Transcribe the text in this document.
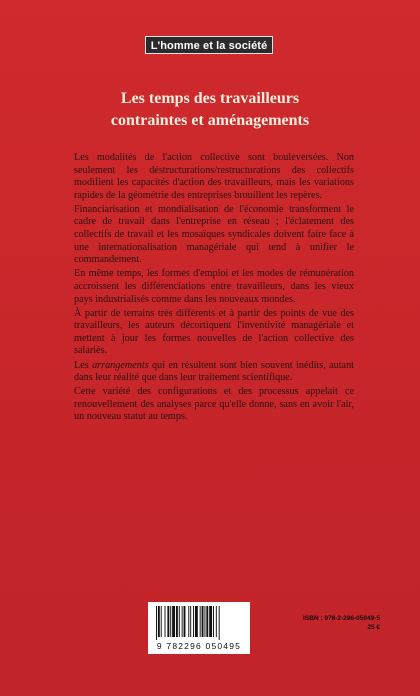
L'homme et la société
Les temps des travailleurs
contraintes et aménagements

Les modalités de l'action collective sont bouleversées. Non seulement les déstructurations/restructurations des collectifs modifient les capacités d'action des travailleurs, mais les variations rapides de la géométrie des entreprises brouillent les repères.

Financiarisation et mondialisation de l'économie transforment le cadre de travail dans l'entreprise en réseau ; l'éclatement des collectifs de travail et les mosaïques syndicales doivent faire face à une internationalisation managériale qui tend à unifier le commandement.

En même temps, les formes d'emploi et les modes de rémunération accroissent les différenciations entre travailleurs, dans les vieux pays industrialisés comme dans les nouveaux mondes.

À partir de terrains très différents et à partir des points de vue des travailleurs, les auteurs décortiquent l'inventivité managériale et mettent à jour les formes nouvelles de l'action collective des salariés.

Les arrangements qui en résultent sont bien souvent inédits, autant dans leur réalité que dans leur traitement scientifique.

Cette variété des configurations et des processus appelait ce renouvellement des analyses parce qu'elle donne, sans en avoir l'air, un nouveau statut au temps.

9 782296 050495
ISBN : 978-2-296-05049-5
25 €
